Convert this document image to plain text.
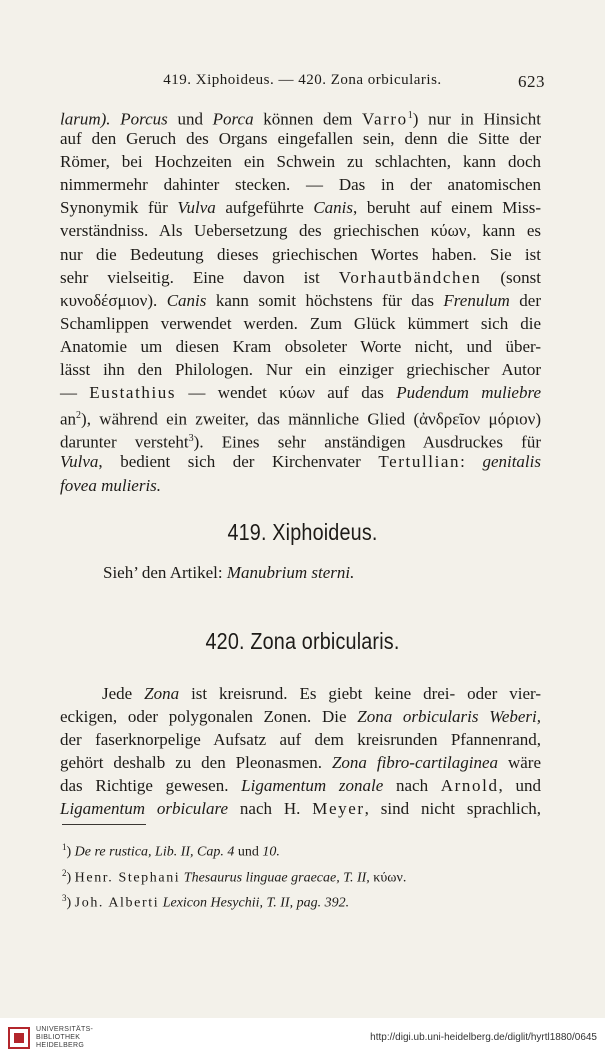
419. Xiphoideus. — 420. Zona orbicularis.	623
larum). Porcus und Porca können dem Varro$^1$) nur in Hinsicht
auf den Geruch des Organs eingefallen sein, denn die Sitte der
Römer, bei Hochzeiten ein Schwein zu schlachten, kann doch
nimmermehr dahinter stecken. — Das in der anatomischen
Synonymik für Vulva aufgeführte Canis, beruht auf einem Miss-
verständniss. Als Uebersetzung des griechischen κύων, kann es
nur die Bedeutung dieses griechischen Wortes haben. Sie ist
sehr vielseitig. Eine davon ist Vorhautbändchen (sonst
κυνοδέσμιον). Canis kann somit höchstens für das Frenulum der
Schamlippen verwendet werden. Zum Glück kümmert sich die
Anatomie um diesen Kram obsoleter Worte nicht, und über-
lässt ihn den Philologen. Nur ein einziger griechischer Autor
— Eustathius — wendet κύων auf das Pudendum muliebre
$an^2$), während ein zweiter, das männliche Glied (ἀνδρεῖον μόριον)
darunter versteht$^3$). Eines sehr anständigen Ausdruckes für
Vulva, bedient sich der Kirchenvater Tertullian: genitalis
fovea mulieris.
419. Xiphoideus.
Sieh’ den Artikel: Manubrium sterni.
420. Zona orbicularis.
Jede Zona ist kreisrund. Es giebt keine drei- oder vier-
eckigen, oder polygonalen Zonen. Die Zona orbicularis Weberi,
der faserknorpelige Aufsatz auf dem kreisrunden Pfannenrand,
gehört deshalb zu den Pleonasmen. Zona fibro-cartilaginea wäre
das Richtige gewesen. Ligamentum zonale nach Arnold, und
Ligamentum orbiculare nach H. Meyer, sind nicht sprachlich,
$^1$) De re rustica, Lib. II, Cap. 4 und 10.
$^2$) Henr. Stephani Thesaurus linguae graecae, T. II, κύων.
$^3$) Joh. Alberti Lexicon Hesychii, T. II, pag. 392.
UNIVERSITÄTS-
BIBLIOTHEK
HEIDELBERG
http://digi.ub.uni-heidelberg.de/diglit/hyrtl1880/0645
